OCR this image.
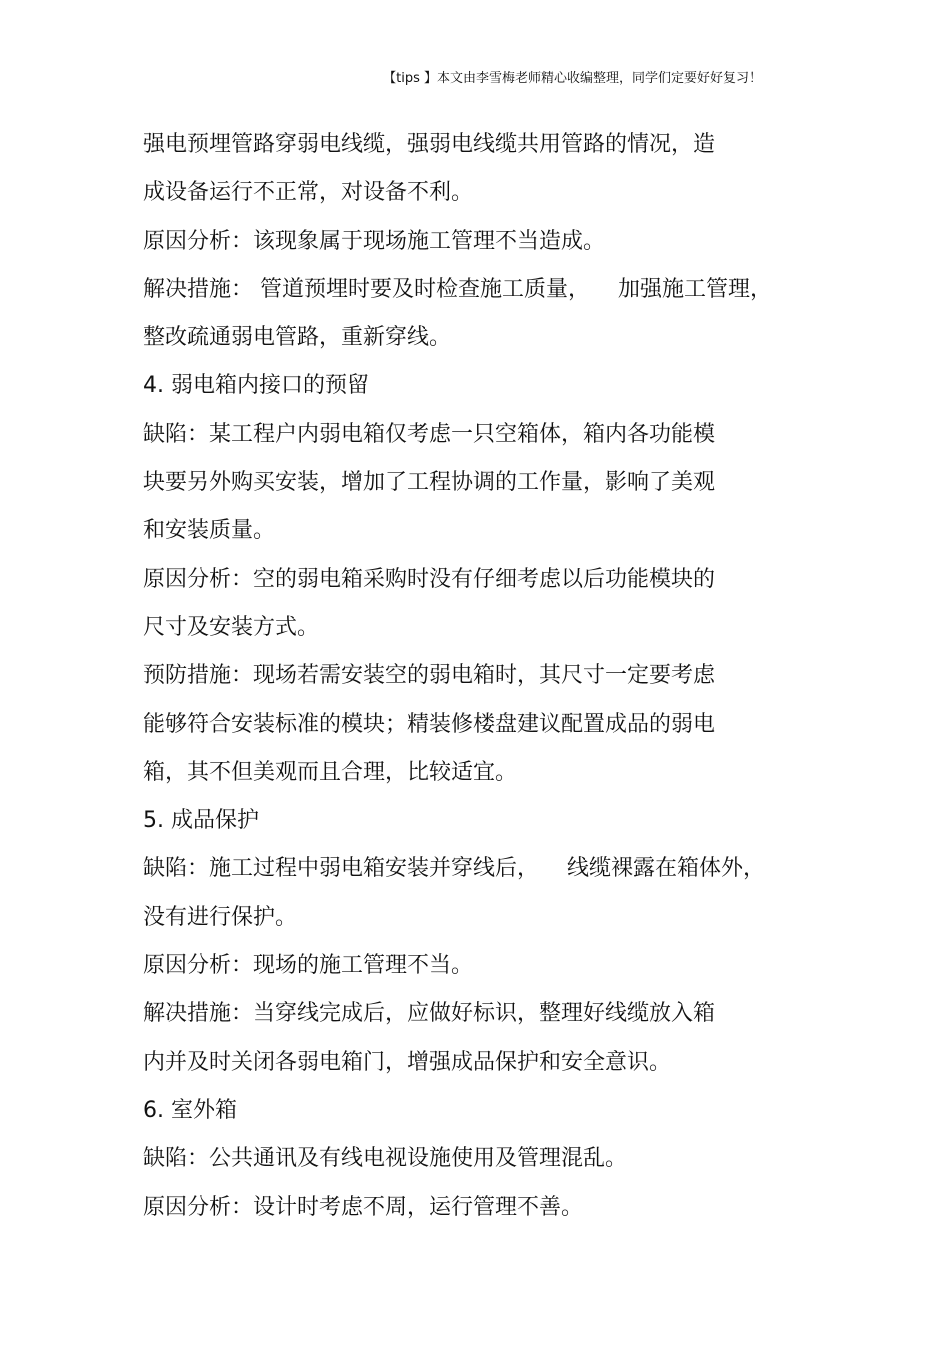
【tips 】本文由李雪梅老师精心收编整理，同学们定要好好复习！
强电预埋管路穿弱电线缆，强弱电线缆共用管路的情况，造
成设备运行不正常，对设备不利。
原因分析：该现象属于现场施工管理不当造成。
解决措施： 管道预埋时要及时检查施工质量，    加强施工管理，
整改疏通弱电管路，重新穿线。
4. 弱电箱内接口的预留
缺陷：某工程户内弱电箱仅考虑一只空箱体，箱内各功能模
块要另外购买安装，增加了工程协调的工作量，影响了美观
和安装质量。
原因分析：空的弱电箱采购时没有仔细考虑以后功能模块的
尺寸及安装方式。
预防措施：现场若需安装空的弱电箱时，其尺寸一定要考虑
能够符合安装标准的模块；精装修楼盘建议配置成品的弱电
箱，其不但美观而且合理，比较适宜。
5. 成品保护
缺陷：施工过程中弱电箱安装并穿线后，    线缆裸露在箱体外，
没有进行保护。
原因分析：现场的施工管理不当。
解决措施：当穿线完成后，应做好标识，整理好线缆放入箱
内并及时关闭各弱电箱门，增强成品保护和安全意识。
6. 室外箱
缺陷：公共通讯及有线电视设施使用及管理混乱。
原因分析：设计时考虑不周，运行管理不善。
